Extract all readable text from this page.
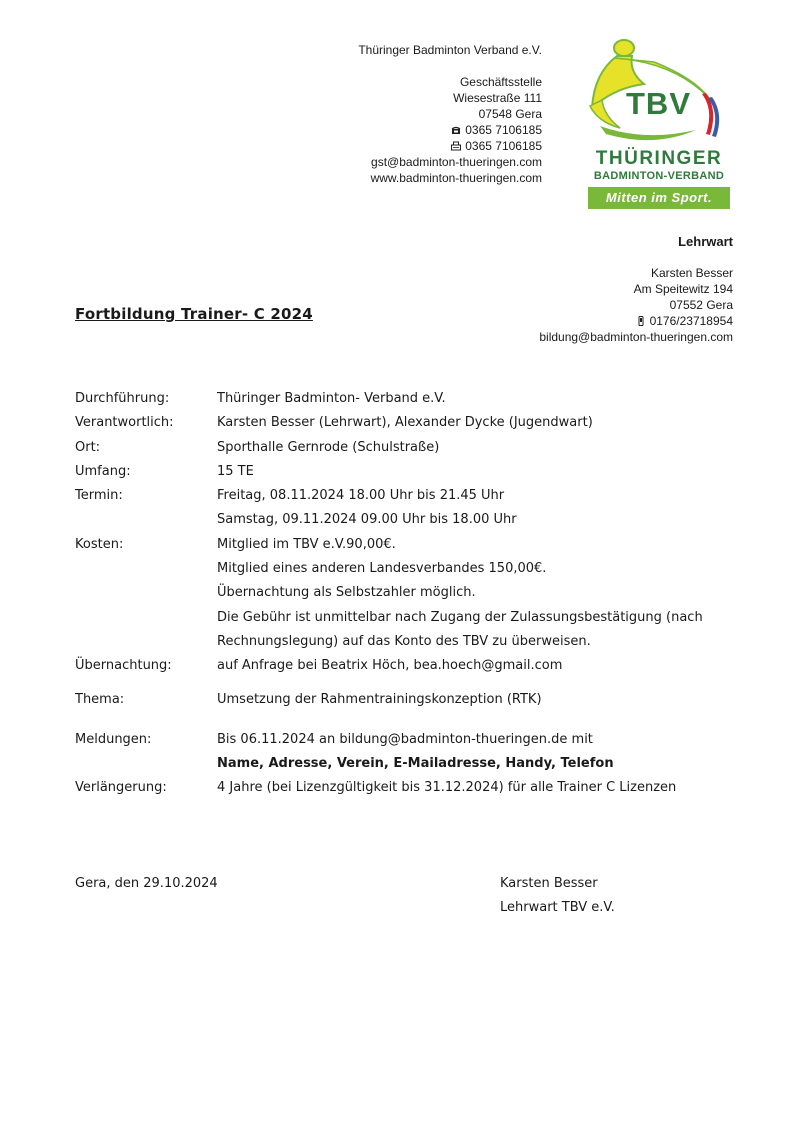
Thüringer Badminton Verband e.V.
Geschäftsstelle
Wiesestraße 111
07548 Gera
0365 7106185
0365 7106185
gst@badminton-thueringen.com
www.badminton-thueringen.com
TBV
THÜRINGER
BADMINTON-VERBAND
Mitten im Sport.
Lehrwart
Karsten Besser
Am Speitewitz 194
07552 Gera
0176/23718954
bildung@badminton-thueringen.com
Fortbildung Trainer- C 2024
Durchführung:	Thüringer Badminton- Verband e.V.
Verantwortlich:	Karsten Besser (Lehrwart), Alexander Dycke (Jugendwart)
Ort:	Sporthalle Gernrode (Schulstraße)
Umfang:	15 TE
Termin:	Freitag, 08.11.2024 18.00 Uhr bis 21.45 Uhr
Samstag, 09.11.2024 09.00 Uhr bis 18.00 Uhr
Kosten:	Mitglied im TBV e.V.90,00€.
Mitglied eines anderen Landesverbandes 150,00€.
Übernachtung als Selbstzahler möglich.
Die Gebühr ist unmittelbar nach Zugang der Zulassungsbestätigung (nach
Rechnungslegung) auf das Konto des TBV zu überweisen.
Übernachtung:	auf Anfrage bei Beatrix Höch, bea.hoech@gmail.com
Thema:	Umsetzung der Rahmentrainingskonzeption (RTK)
Meldungen:	Bis 06.11.2024 an bildung@badminton-thueringen.de mit
Name, Adresse, Verein, E-Mailadresse, Handy, Telefon
Verlängerung:	4 Jahre (bei Lizenzgültigkeit bis 31.12.2024) für alle Trainer C Lizenzen
Gera, den 29.10.2024	Karsten Besser
Lehrwart TBV e.V.
